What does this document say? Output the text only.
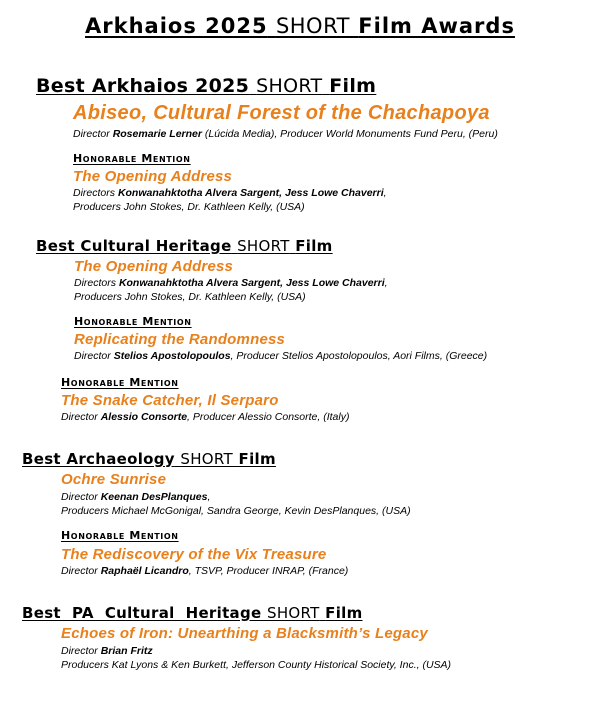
Arkhaios 2025 SHORT Film Awards
Best Arkhaios 2025 SHORT Film
Abiseo, Cultural Forest of the Chachapoya
Director Rosemarie Lerner (Lúcida Media), Producer World Monuments Fund Peru, (Peru)
Honorable Mention
The Opening Address
Directors Konwanahktotha Alvera Sargent, Jess Lowe Chaverri,
Producers John Stokes, Dr. Kathleen Kelly, (USA)
Best Cultural Heritage SHORT Film
The Opening Address
Directors Konwanahktotha Alvera Sargent, Jess Lowe Chaverri,
Producers John Stokes, Dr. Kathleen Kelly, (USA)
Honorable Mention
Replicating the Randomness
Director Stelios Apostolopoulos, Producer Stelios Apostolopoulos, Aori Films, (Greece)
Honorable Mention
The Snake Catcher, Il Serparo
Director Alessio Consorte, Producer Alessio Consorte, (Italy)
Best Archaeology SHORT Film
Ochre Sunrise
Director Keenan DesPlanques,
Producers Michael McGonigal, Sandra George, Kevin DesPlanques, (USA)
Honorable Mention
The Rediscovery of the Vix Treasure
Director Raphaël Licandro, TSVP, Producer INRAP, (France)
Best  PA  Cultural  Heritage SHORT Film
Echoes of Iron: Unearthing a Blacksmith’s Legacy
Director Brian Fritz
Producers Kat Lyons & Ken Burkett, Jefferson County Historical Society, Inc., (USA)
